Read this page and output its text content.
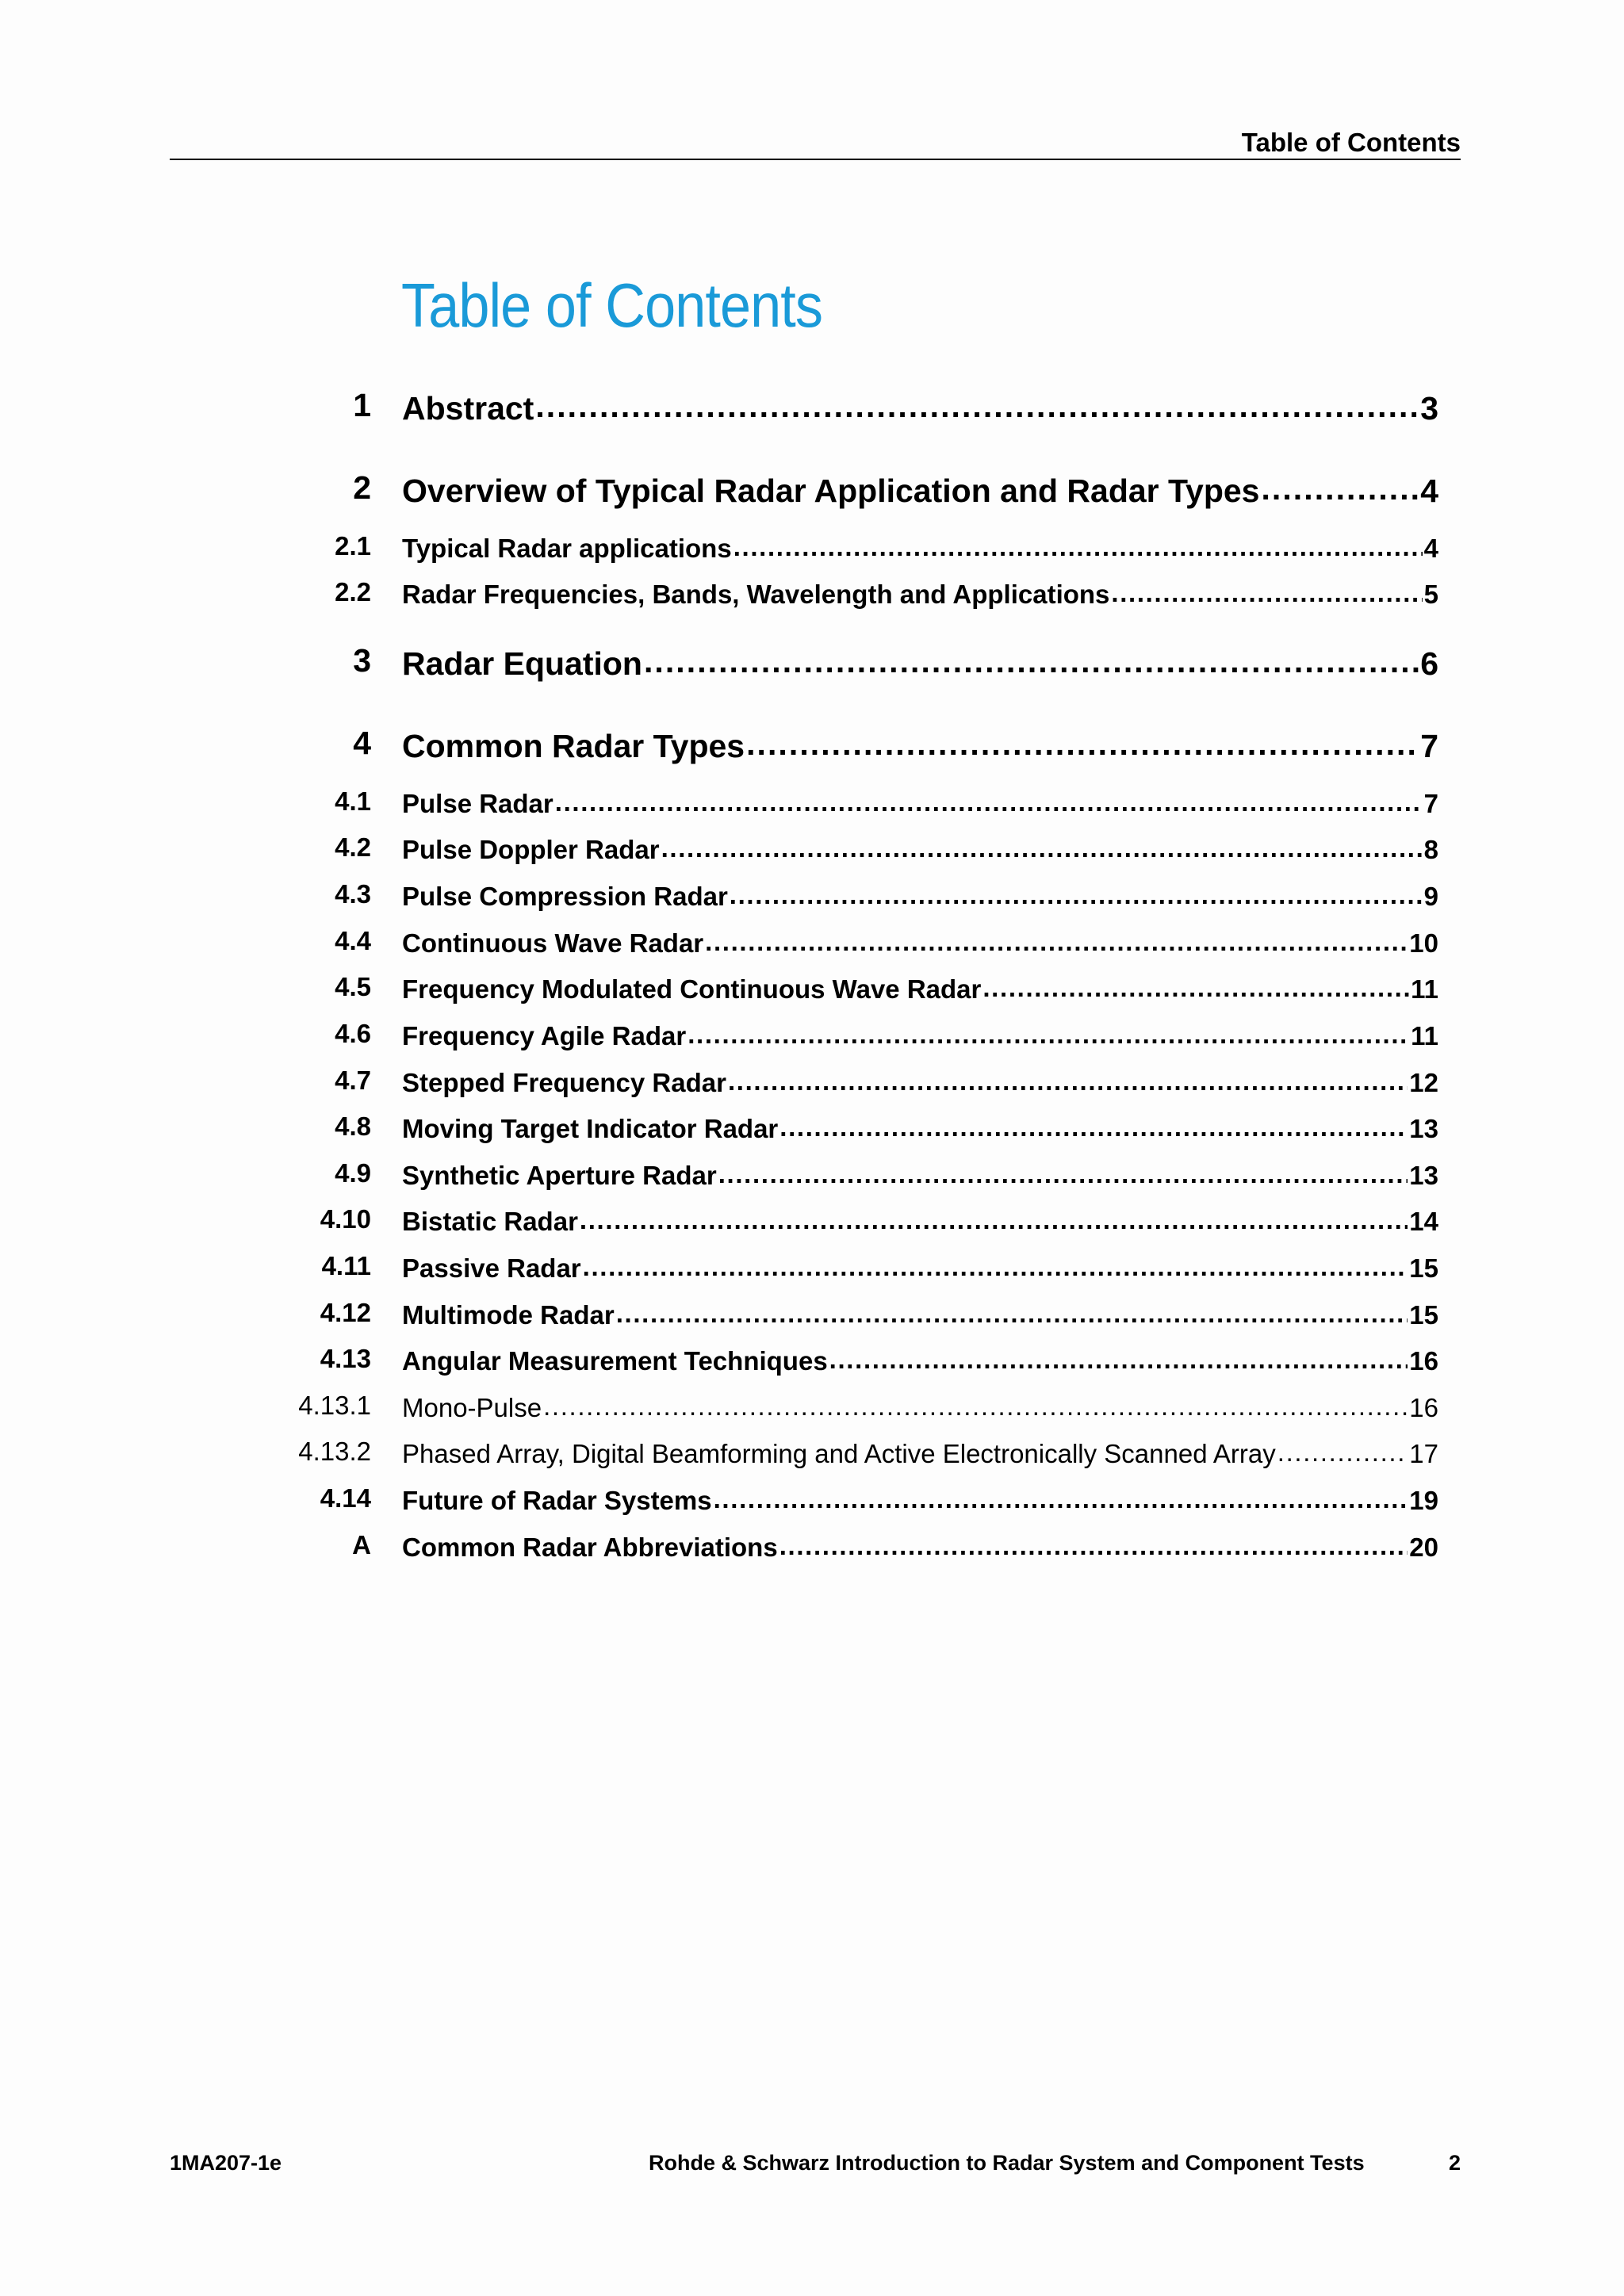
Table of Contents
Table of Contents
1 Abstract .....	3
2 Overview of Typical Radar Application and Radar Types .....	4
2.1 Typical Radar applications .....	4
2.2 Radar Frequencies, Bands, Wavelength and Applications .....	5
3 Radar Equation .....	6
4 Common Radar Types .....	7
4.1 Pulse Radar .....	7
4.2 Pulse Doppler Radar .....	8
4.3 Pulse Compression Radar .....	9
4.4 Continuous Wave Radar .....	10
4.5 Frequency Modulated Continuous Wave Radar .....	11
4.6 Frequency Agile Radar .....	11
4.7 Stepped Frequency Radar .....	12
4.8 Moving Target Indicator Radar .....	13
4.9 Synthetic Aperture Radar .....	13
4.10 Bistatic Radar .....	14
4.11 Passive Radar .....	15
4.12 Multimode Radar .....	15
4.13 Angular Measurement Techniques .....	16
4.13.1 Mono-Pulse .....	16
4.13.2 Phased Array, Digital Beamforming and Active Electronically Scanned Array .....	17
4.14 Future of Radar Systems .....	19
A Common Radar Abbreviations .....	20
1MA207-1e	Rohde & Schwarz Introduction to Radar System and Component Tests	2
